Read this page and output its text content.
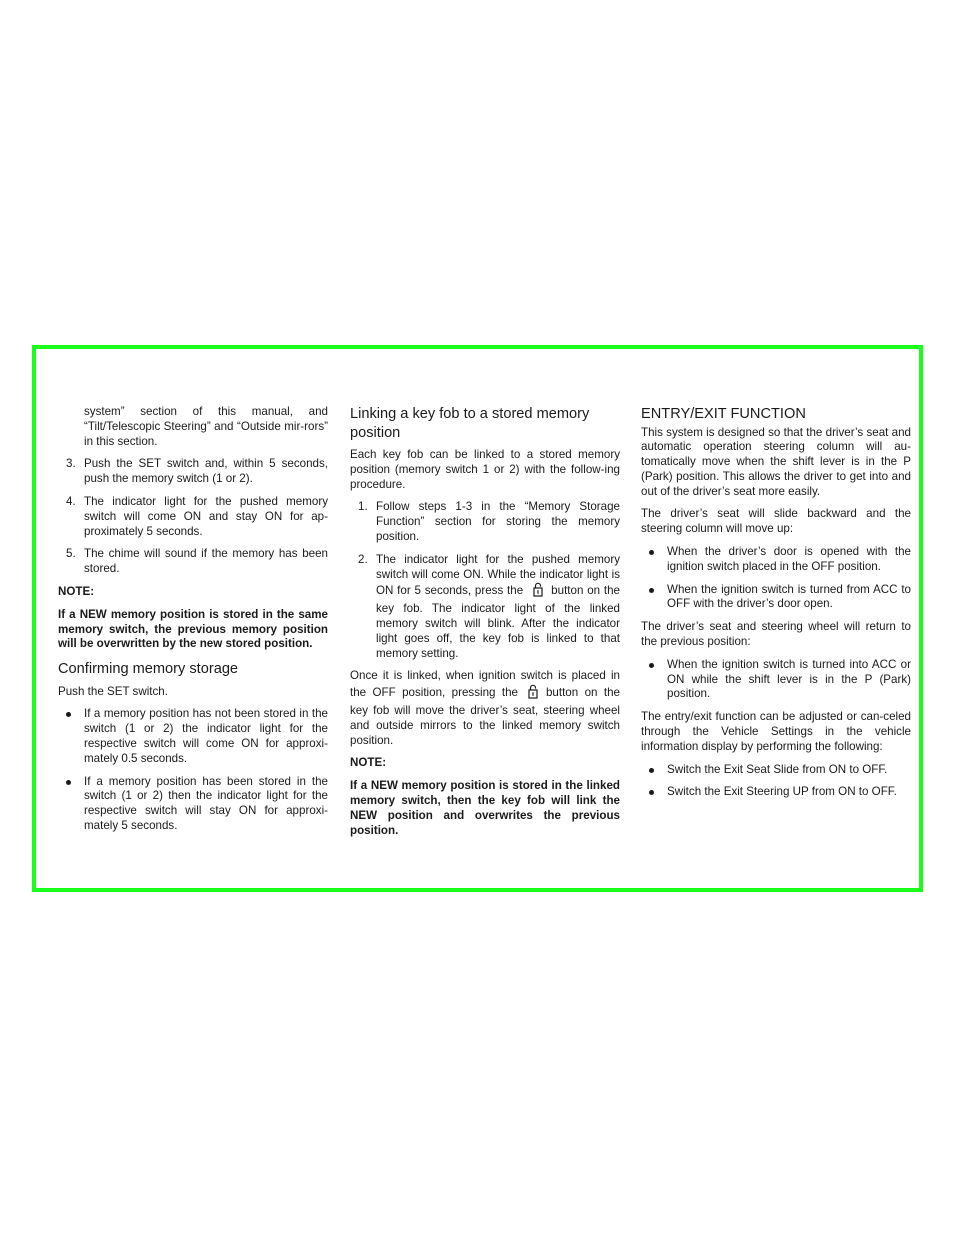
system” section of this manual, and “Tilt/Telescopic Steering” and “Outside mir-rors” in this section.

3. Push the SET switch and, within 5 seconds, push the memory switch (1 or 2).
4. The indicator light for the pushed memory switch will come ON and stay ON for ap-proximately 5 seconds.
5. The chime will sound if the memory has been stored.

NOTE:

If a NEW memory position is stored in the same memory switch, the previous memory position will be overwritten by the new stored position.

Confirming memory storage

Push the SET switch.

If a memory position has not been stored in the switch (1 or 2) the indicator light for the respective switch will come ON for approxi-mately 0.5 seconds.
If a memory position has been stored in the switch (1 or 2) then the indicator light for the respective switch will stay ON for approxi-mately 5 seconds.
Linking a key fob to a stored memory position

Each key fob can be linked to a stored memory position (memory switch 1 or 2) with the follow-ing procedure.

1. Follow steps 1-3 in the “Memory Storage Function” section for storing the memory position.
2. The indicator light for the pushed memory switch will come ON. While the indicator light is ON for 5 seconds, press the button on the key fob. The indicator light of the linked memory switch will blink. After the indicator light goes off, the key fob is linked to that memory setting.

Once it is linked, when ignition switch is placed in the OFF position, pressing the button on the key fob will move the driver’s seat, steering wheel and outside mirrors to the linked memory switch position.

NOTE:

If a NEW memory position is stored in the linked memory switch, then the key fob will link the NEW position and overwrites the previous position.

ENTRY/EXIT FUNCTION

This system is designed so that the driver’s seat and automatic operation steering column will au-tomatically move when the shift lever is in the P (Park) position. This allows the driver to get into and out of the driver’s seat more easily.

The driver’s seat will slide backward and the steering column will move up:

When the driver’s door is opened with the ignition switch placed in the OFF position.
When the ignition switch is turned from ACC to OFF with the driver’s door open.

The driver’s seat and steering wheel will return to the previous position:

When the ignition switch is turned into ACC or ON while the shift lever is in the P (Park) position.

The entry/exit function can be adjusted or can-celed through the Vehicle Settings in the vehicle information display by performing the following:

Switch the Exit Seat Slide from ON to OFF.
Switch the Exit Steering UP from ON to OFF.
